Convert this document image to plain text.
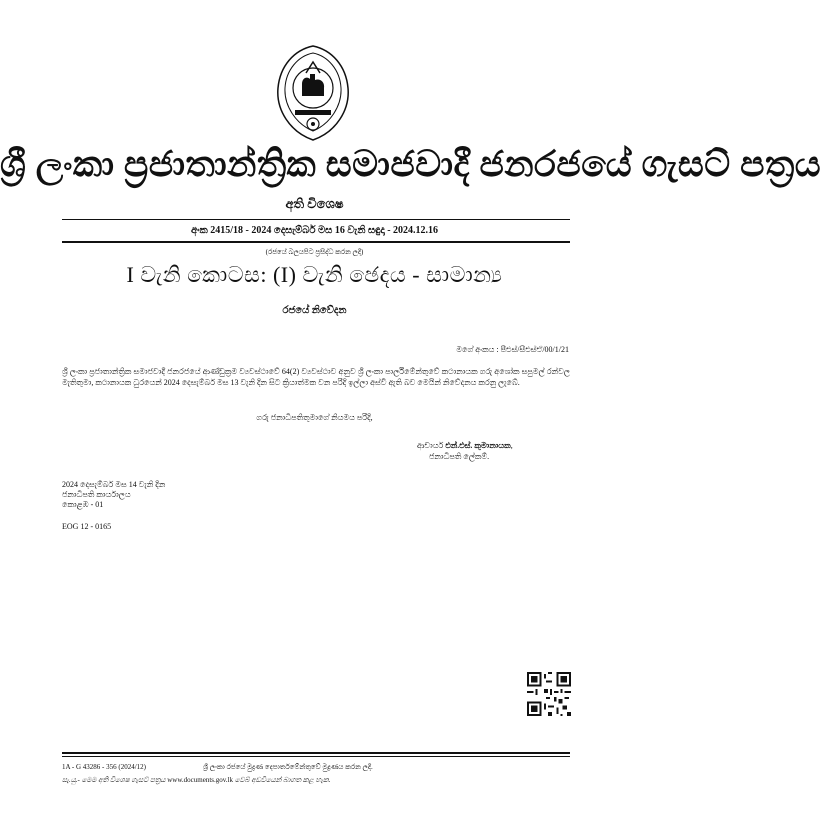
ශ්‍රී ලංකා ප්‍රජාතාන්ත්‍රික සමාජවාදී ජනරජයේ ගැසට් පත්‍රය
අති විශෙෂ
අංක 2415/18 - 2024 දෙසැම්බර් මස 16 වැනි සඳුදා - 2024.12.16
(රජයේ බලයපිට ප්‍රසිද්ධ කරන ලදී)
I වැනි කොටස: (I) වැනි ඡෙදය - සාමාන්‍ය
රජයේ නිවේදන
මගේ අංකය : පීඑස්/සීඑස්ඒ/00/1/21
ශ්‍රී ලංකා ප්‍රජාතාන්ත්‍රික සමාජවාදී ජනරජයේ ආණ්ඩුක්‍රම ව්‍යවස්ථාවේ 64(2) ව්‍යවස්ථාව අනුව ශ්‍රී ලංකා පාර්ලිමේන්තුවේ කථානායක ගරු අශෝක සපුමල් රන්වල මැතිතුමා, කථානායක ධුරයෙන් 2024 දෙසැම්බර් මස 13 වැනි දින සිට ක්‍රියාත්මක වන පරිදි ඉල්ලා අස්වී ඇති බව මෙයින් නිවේදනය කරනු ලැබේ.
ගරු ජනාධිපතිතුමාගේ නියමය පරිදි,
ආචාර්ය එන්.එස්. කුමානායක,
ජනාධිපති ලේකම්.
2024 දෙසැම්බර් මස 14 වැනි දින
ජනාධිපති කාර්යාලය
කොළඹ - 01
EOG 12 - 0165
1A - G 43286 - 356 (2024/12)	ශ්‍රී ලංකා රජයේ මුද්‍රණ දෙපාර්තමේන්තුවේ මුද්‍රණය කරන ලදී.
සැ.යු.- මෙම අති විශෙෂ ගැසට් පත්‍රය www.documents.gov.lk වෙබ් අඩවියෙන් බාගත කළ හැක.
